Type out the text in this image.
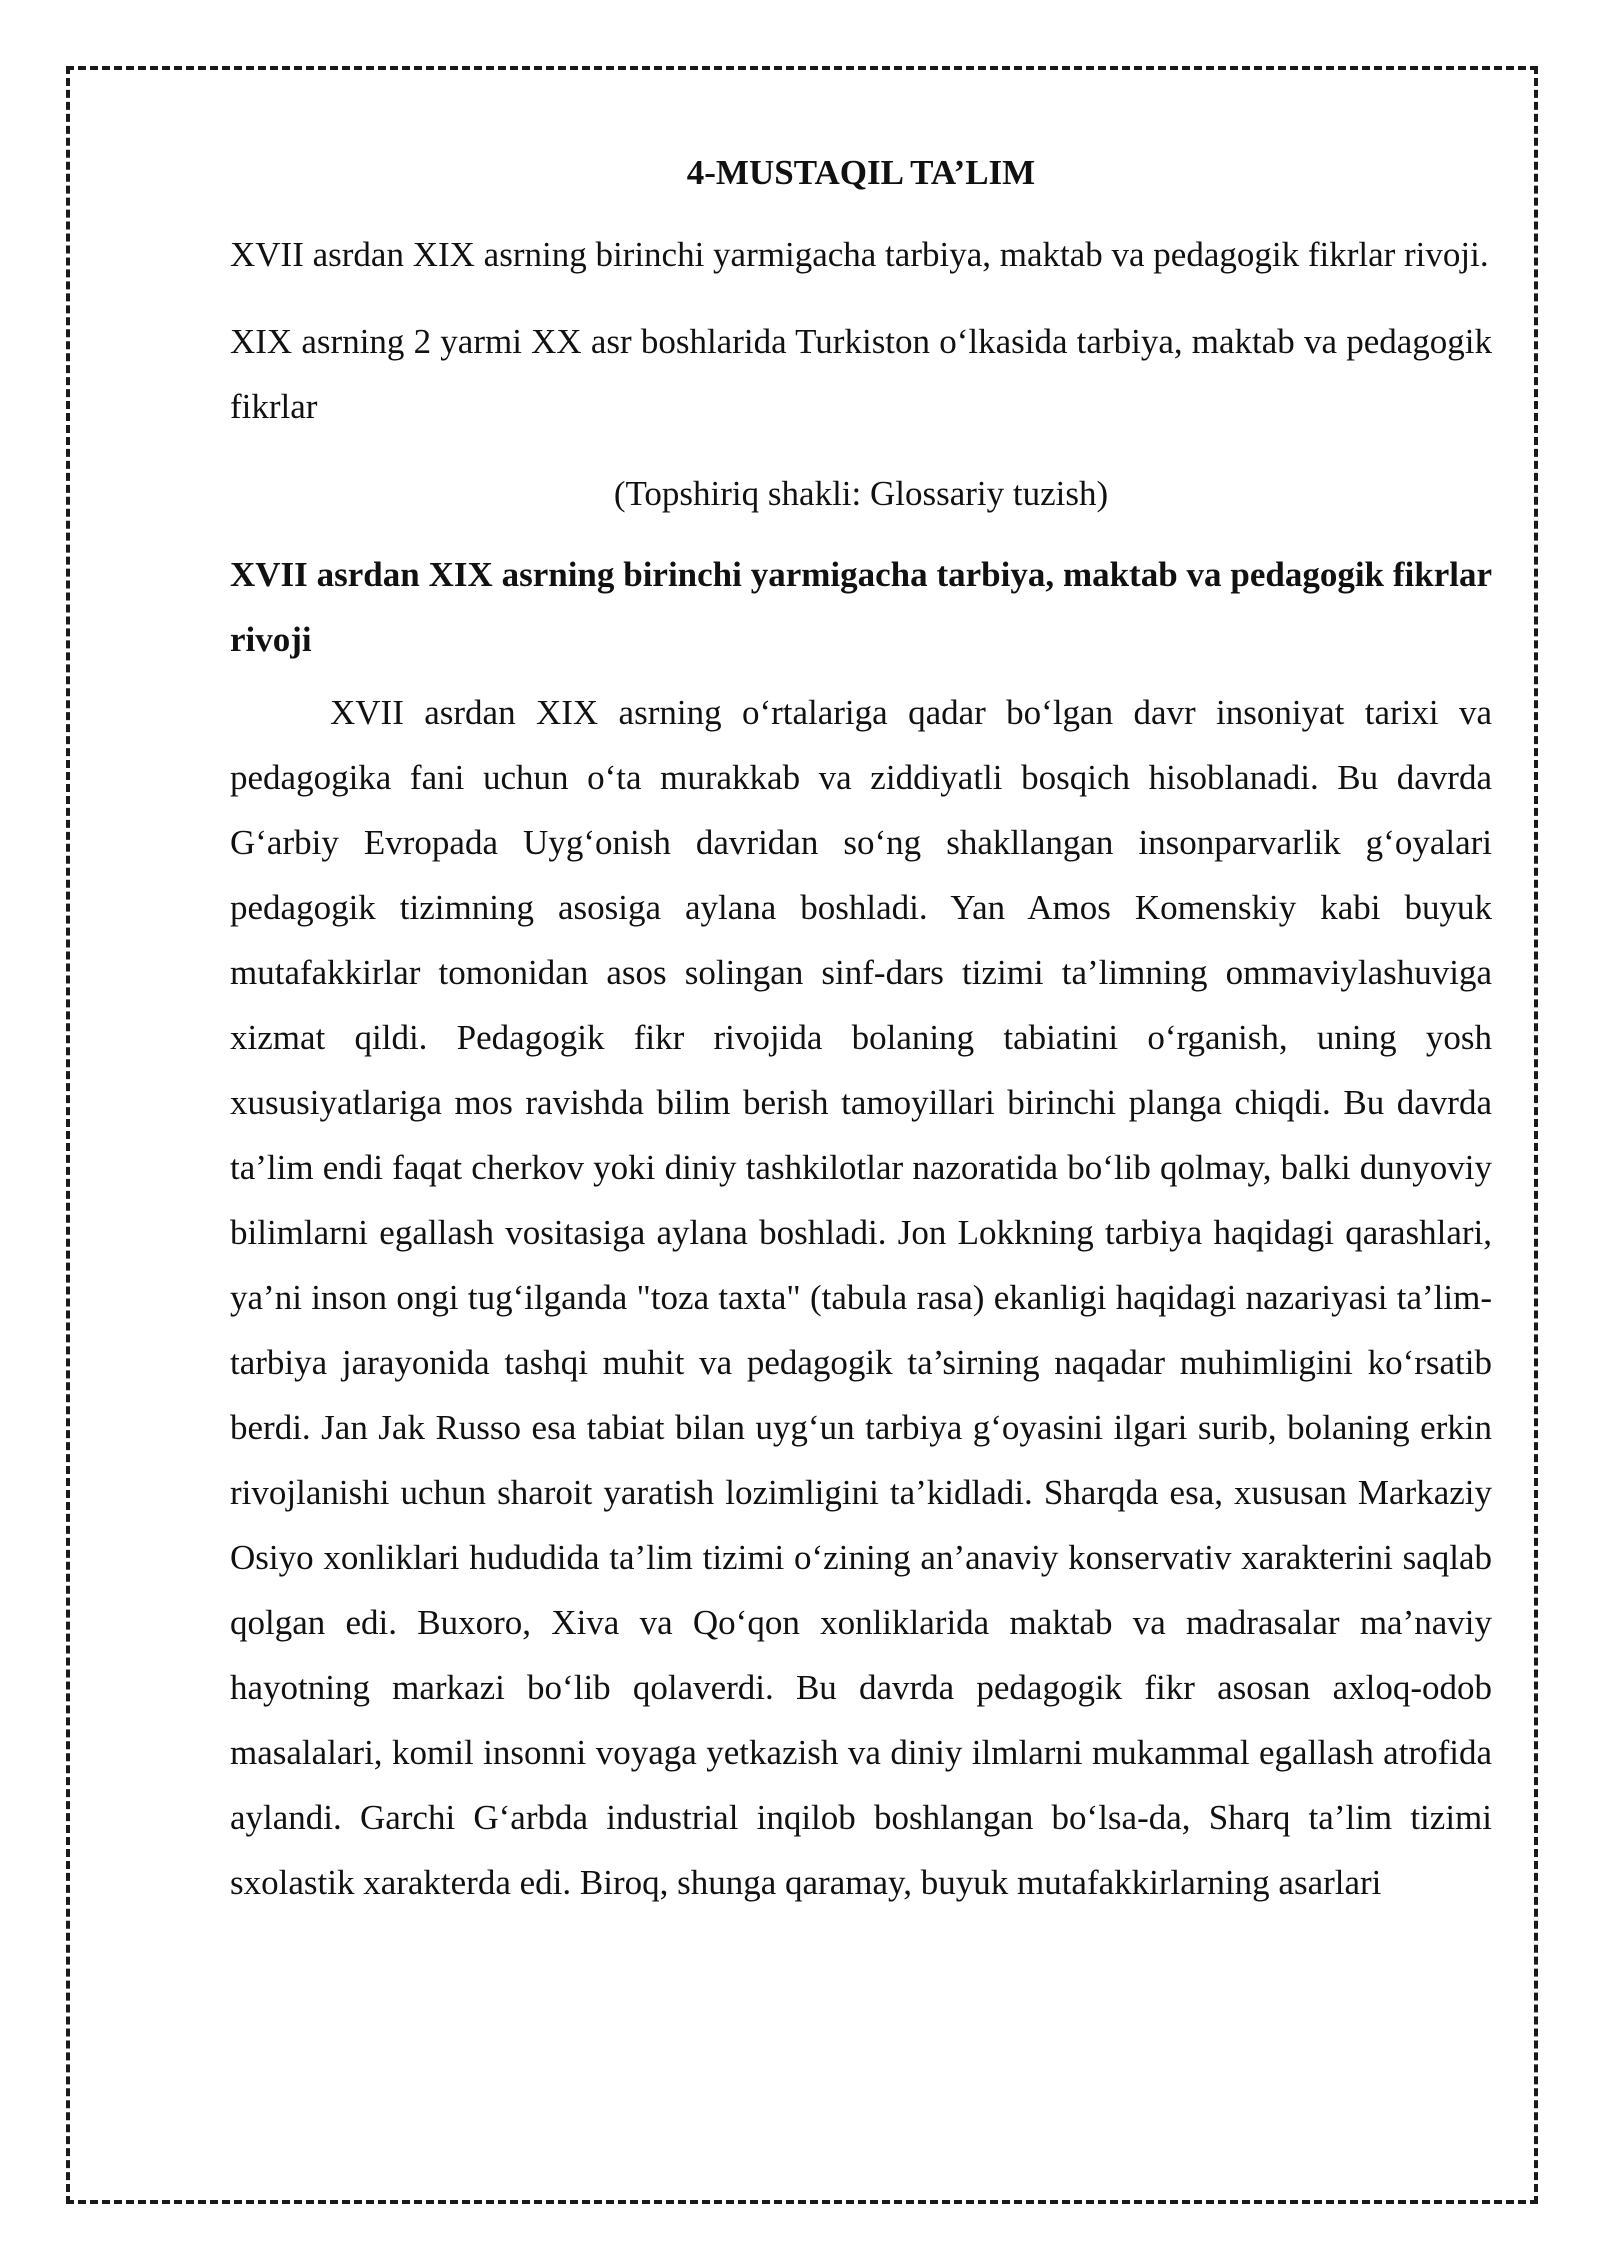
4-MUSTAQIL TA’LIM

XVII asrdan XIX asrning birinchi yarmigacha tarbiya, maktab va pedagogik fikrlar rivoji.

XIX asrning 2 yarmi XX asr boshlarida Turkiston o‘lkasida tarbiya, maktab va pedagogik fikrlar

(Topshiriq shakli: Glossariy tuzish)
XVII asrdan XIX asrning birinchi yarmigacha tarbiya, maktab va pedagogik fikrlar rivoji

XVII asrdan XIX asrning o‘rtalariga qadar bo‘lgan davr insoniyat tarixi va pedagogika fani uchun o‘ta murakkab va ziddiyatli bosqich hisoblanadi. Bu davrda G‘arbiy Evropada Uyg‘onish davridan so‘ng shakllangan insonparvarlik g‘oyalari pedagogik tizimning asosiga aylana boshladi. Yan Amos Komenskiy kabi buyuk mutafakkirlar tomonidan asos solingan sinf-dars tizimi ta’limning ommaviylashuviga xizmat qildi. Pedagogik fikr rivojida bolaning tabiatini o‘rganish, uning yosh xususiyatlariga mos ravishda bilim berish tamoyillari birinchi planga chiqdi. Bu davrda ta’lim endi faqat cherkov yoki diniy tashkilotlar nazoratida bo‘lib qolmay, balki dunyoviy bilimlarni egallash vositasiga aylana boshladi. Jon Lokkning tarbiya haqidagi qarashlari, ya’ni inson ongi tug‘ilganda "toza taxta" (tabula rasa) ekanligi haqidagi nazariyasi ta’lim-tarbiya jarayonida tashqi muhit va pedagogik ta’sirning naqadar muhimligini ko‘rsatib berdi. Jan Jak Russo esa tabiat bilan uyg‘un tarbiya g‘oyasini ilgari surib, bolaning erkin rivojlanishi uchun sharoit yaratish lozimligini ta’kidladi. Sharqda esa, xususan Markaziy Osiyo xonliklari hududida ta’lim tizimi o‘zining an’anaviy konservativ xarakterini saqlab qolgan edi. Buxoro, Xiva va Qo‘qon xonliklarida maktab va madrasalar ma’naviy hayotning markazi bo‘lib qolaverdi. Bu davrda pedagogik fikr asosan axloq-odob masalalari, komil insonni voyaga yetkazish va diniy ilmlarni mukammal egallash atrofida aylandi. Garchi G‘arbda industrial inqilob boshlangan bo‘lsa-da, Sharq ta’lim tizimi sxolastik xarakterda edi. Biroq, shunga qaramay, buyuk mutafakkirlarning asarlari
